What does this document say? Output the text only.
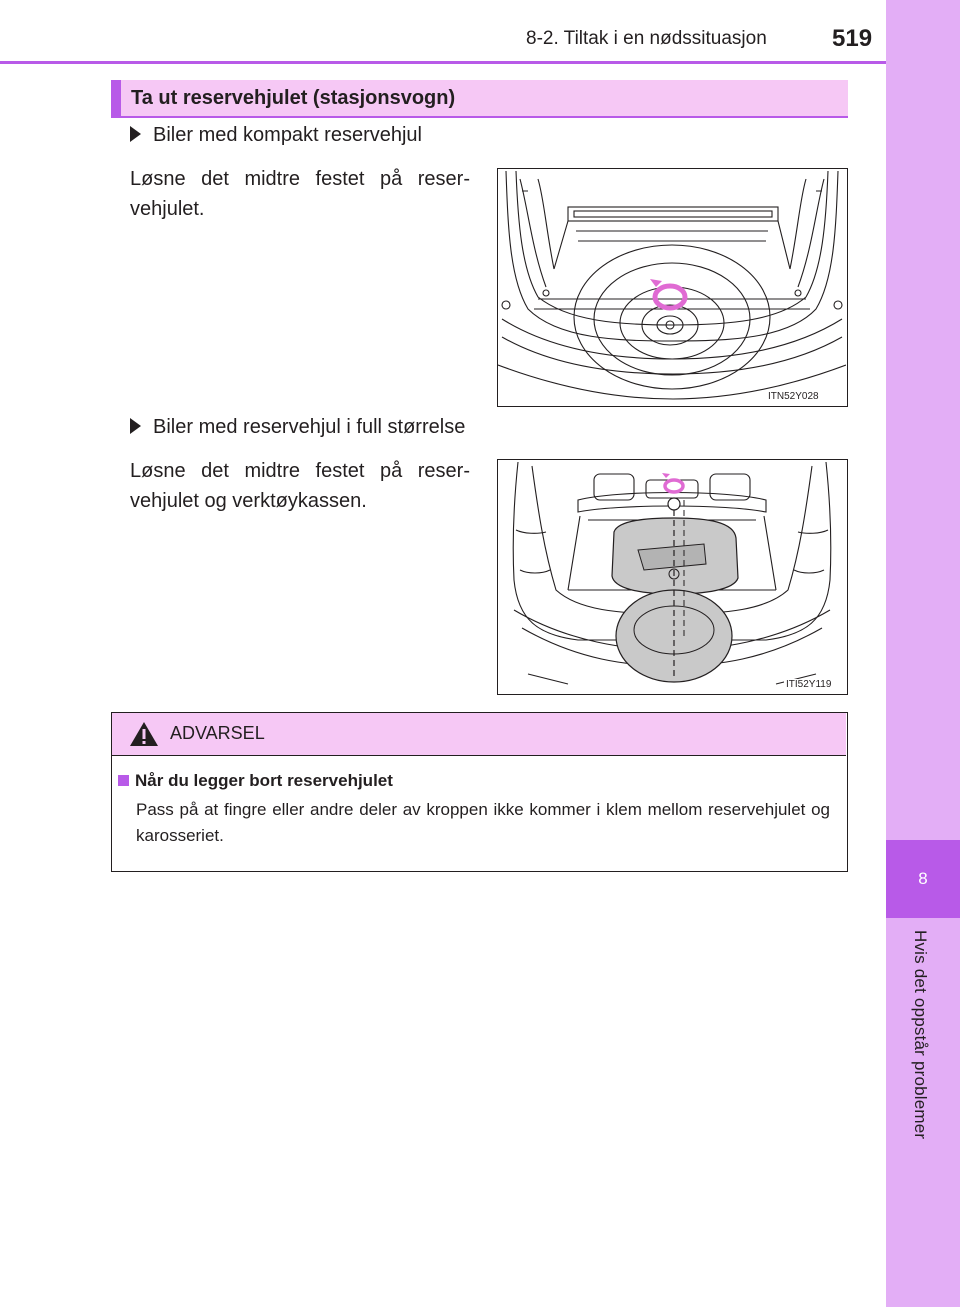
8
Hvis det oppstår problemer
8-2. Tiltak i en nødssituasjon	519
Ta ut reservehjulet (stasjonsvogn)
Biler med kompakt reservehjul
Løsne det midtre festet på reser-vehjulet.
ITN52Y028
Biler med reservehjul i full størrelse
Løsne det midtre festet på reser-vehjulet og verktøykassen.
ITI52Y119
ADVARSEL
Når du legger bort reservehjulet
Pass på at fingre eller andre deler av kroppen ikke kommer i klem mellom reservehjulet og karosseriet.
